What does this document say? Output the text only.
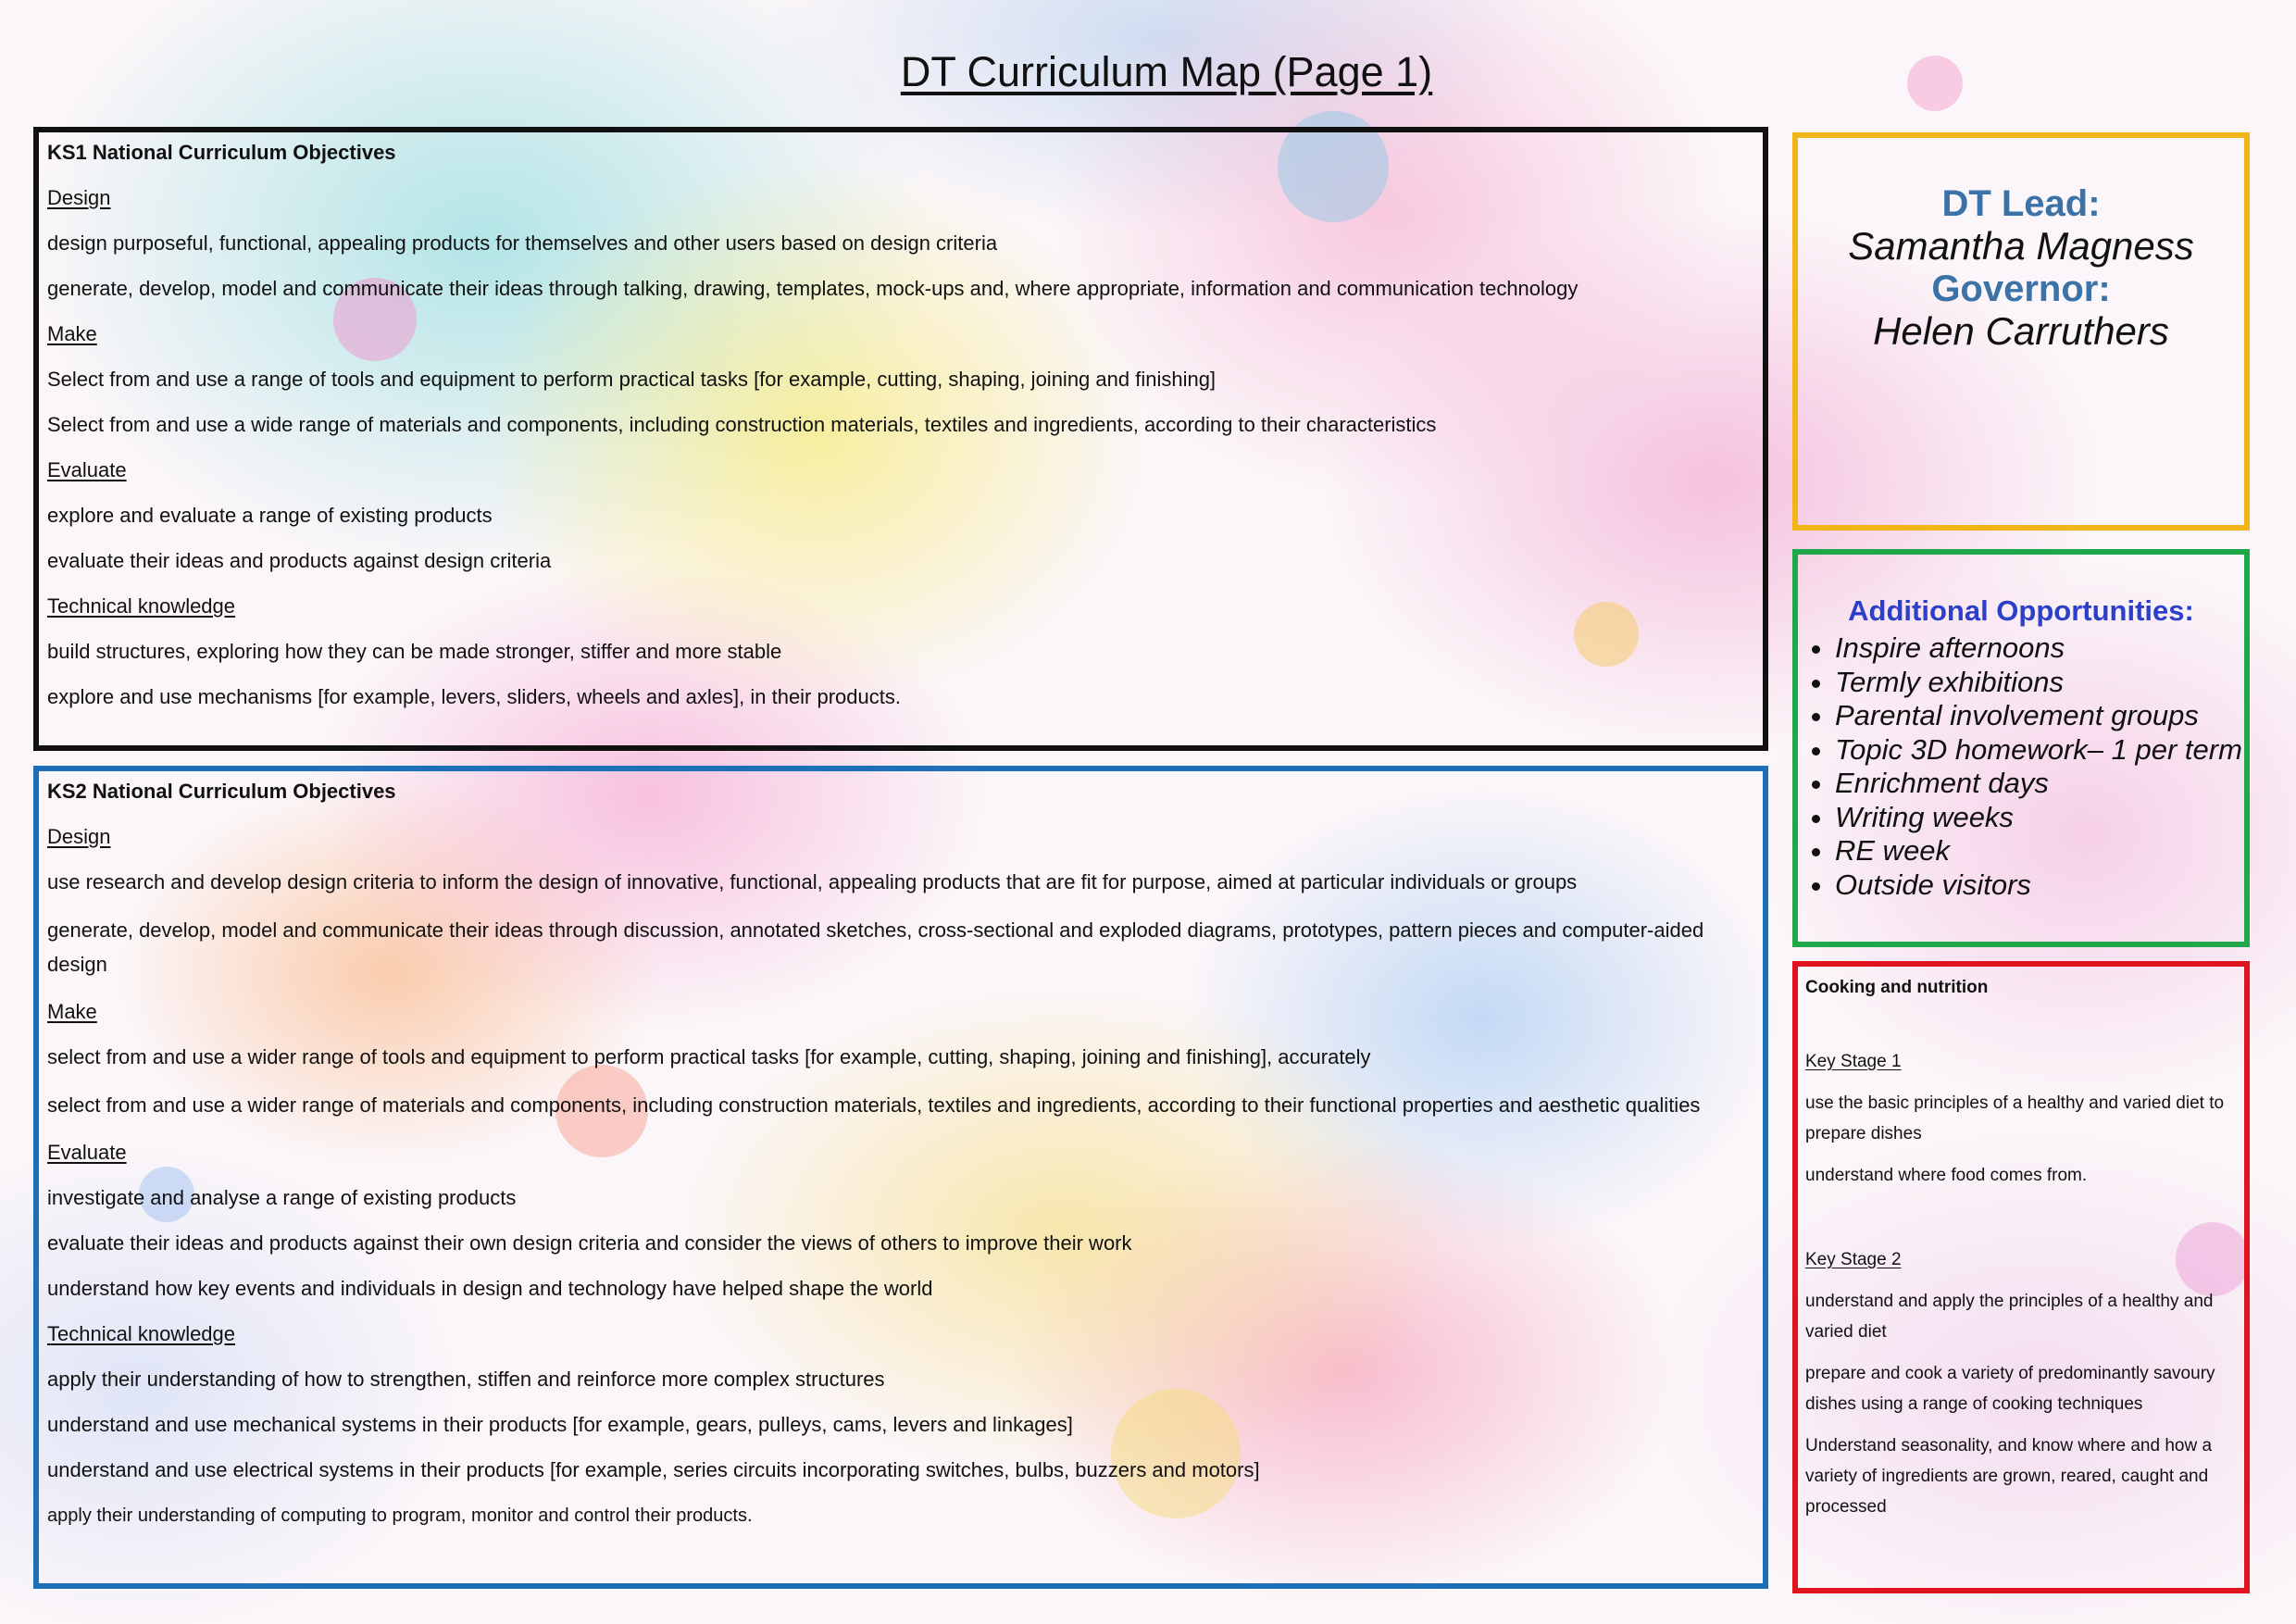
DT Curriculum Map (Page 1)
KS1 National Curriculum Objectives
Design
design purposeful, functional, appealing products for themselves and other users based on design criteria
generate, develop, model and communicate their ideas through talking, drawing, templates, mock-ups and, where appropriate, information and communication technology
Make
Select from and use a range of tools and equipment to perform practical tasks [for example, cutting, shaping, joining and finishing]
Select from and use a wide range of materials and components, including construction materials, textiles and ingredients, according to their characteristics
Evaluate
explore and evaluate a range of existing products
evaluate their ideas and products against design criteria
Technical knowledge
build structures, exploring how they can be made stronger, stiffer and more stable
explore and use mechanisms [for example, levers, sliders, wheels and axles], in their products.
KS2 National Curriculum Objectives
Design
use research and develop design criteria to inform the design of innovative, functional, appealing products that are fit for purpose, aimed at particular individuals or groups
generate, develop, model and communicate their ideas through discussion, annotated sketches, cross-sectional and exploded diagrams, prototypes, pattern pieces and computer-aided design
Make
select from and use a wider range of tools and equipment to perform practical tasks [for example, cutting, shaping, joining and finishing], accurately
select from and use a wider range of materials and components, including construction materials, textiles and ingredients, according to their functional properties and aesthetic qualities
Evaluate
investigate and analyse a range of existing products
evaluate their ideas and products against their own design criteria and consider the views of others to improve their work
understand how key events and individuals in design and technology have helped shape the world
Technical knowledge
apply their understanding of how to strengthen, stiffen and reinforce more complex structures
understand and use mechanical systems in their products [for example, gears, pulleys, cams, levers and linkages]
understand and use electrical systems in their products [for example, series circuits incorporating switches, bulbs, buzzers and motors]
apply their understanding of computing to program, monitor and control their products.
DT Lead:
Samantha Magness
Governor:
Helen Carruthers
Additional Opportunities:
• Inspire afternoons
• Termly exhibitions
• Parental involvement groups
• Topic 3D homework– 1 per term
• Enrichment days
• Writing weeks
• RE week
• Outside visitors
Cooking and nutrition
Key Stage 1
use the basic principles of a healthy and varied diet to prepare dishes
understand where food comes from.
Key Stage 2
understand and apply the principles of a healthy and varied diet
prepare and cook a variety of predominantly savoury dishes using a range of cooking techniques
Understand seasonality, and know where and how a variety of ingredients are grown, reared, caught and processed
